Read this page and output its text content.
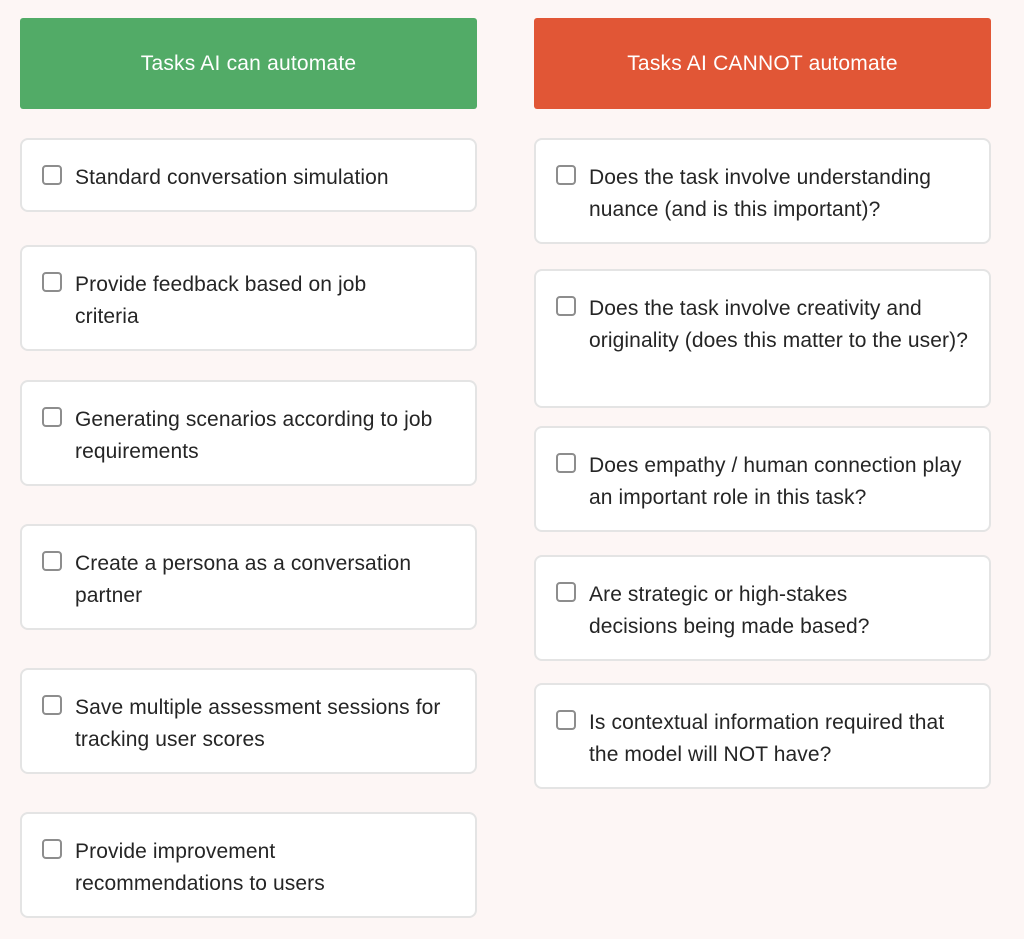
Tasks AI can automate
Standard conversation simulation
Provide feedback based on job criteria
Generating scenarios according to job requirements
Create a persona as a conversation partner
Save multiple assessment sessions for tracking user scores
Provide improvement recommendations to users
Tasks AI CANNOT automate
Does the task involve understanding nuance (and is this important)?
Does the task involve creativity and originality (does this matter to the user)?
Does empathy / human connection play an important role in this task?
Are strategic or high-stakes decisions being made based?
Is contextual information required that the model will NOT have?
